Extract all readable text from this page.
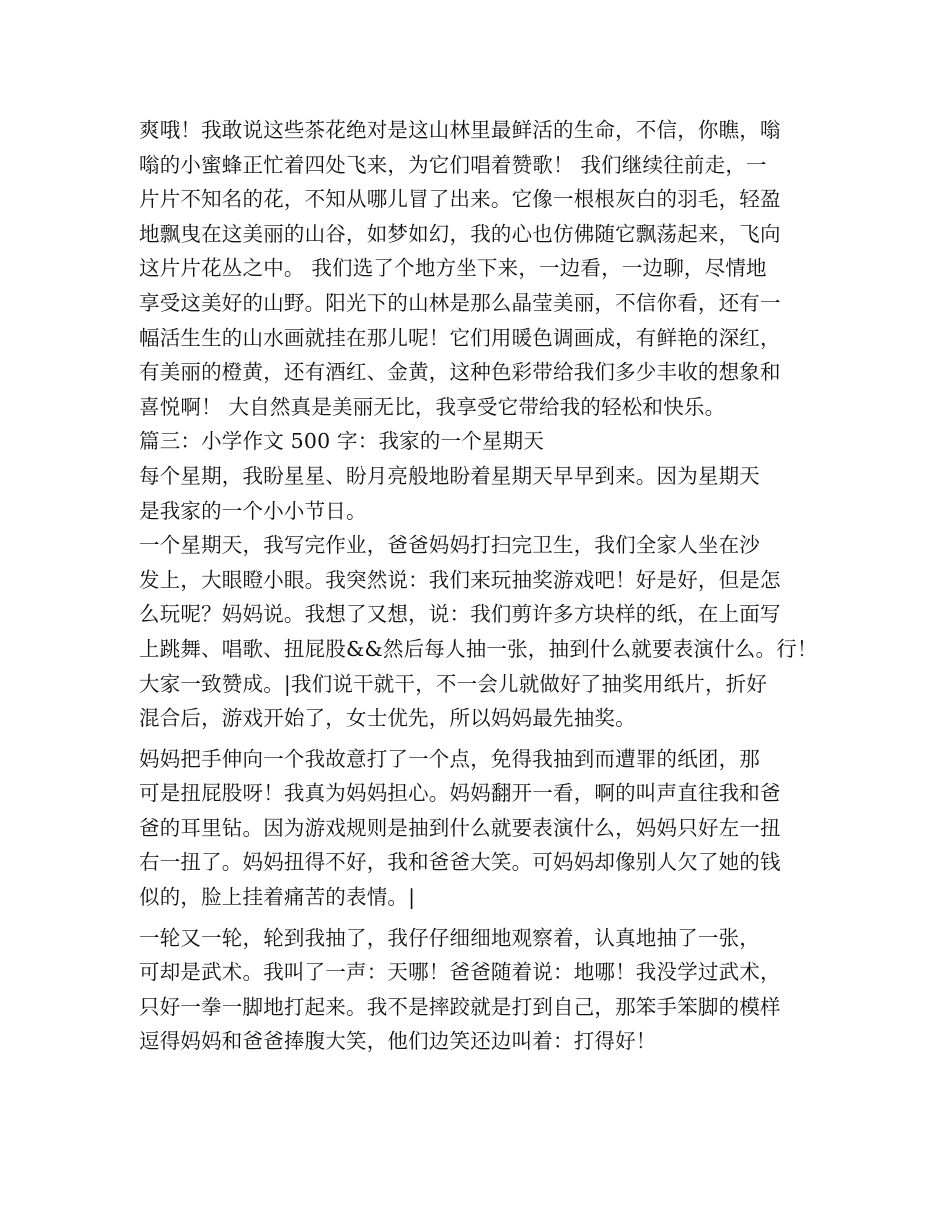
爽哦！我敢说这些茶花绝对是这山林里最鲜活的生命，不信，你瞧，嗡
嗡的小蜜蜂正忙着四处飞来，为它们唱着赞歌！ 我们继续往前走，一
片片不知名的花，不知从哪儿冒了出来。它像一根根灰白的羽毛，轻盈
地飘曳在这美丽的山谷，如梦如幻，我的心也仿佛随它飘荡起来，飞向
这片片花丛之中。 我们选了个地方坐下来，一边看，一边聊，尽情地
享受这美好的山野。阳光下的山林是那么晶莹美丽，不信你看，还有一
幅活生生的山水画就挂在那儿呢！它们用暖色调画成，有鲜艳的深红，
有美丽的橙黄，还有酒红、金黄，这种色彩带给我们多少丰收的想象和
喜悦啊！ 大自然真是美丽无比，我享受它带给我的轻松和快乐。
篇三：小学作文 500 字：我家的一个星期天
每个星期，我盼星星、盼月亮般地盼着星期天早早到来。因为星期天
是我家的一个小小节日。
一个星期天，我写完作业，爸爸妈妈打扫完卫生，我们全家人坐在沙
发上，大眼瞪小眼。我突然说：我们来玩抽奖游戏吧！好是好，但是怎
么玩呢？妈妈说。我想了又想，说：我们剪许多方块样的纸，在上面写
上跳舞、唱歌、扭屁股&&然后每人抽一张，抽到什么就要表演什么。行！
大家一致赞成。|我们说干就干，不一会儿就做好了抽奖用纸片，折好
混合后，游戏开始了，女士优先，所以妈妈最先抽奖。
妈妈把手伸向一个我故意打了一个点，免得我抽到而遭罪的纸团，那
可是扭屁股呀！我真为妈妈担心。妈妈翻开一看，啊的叫声直往我和爸
爸的耳里钻。因为游戏规则是抽到什么就要表演什么，妈妈只好左一扭
右一扭了。妈妈扭得不好，我和爸爸大笑。可妈妈却像别人欠了她的钱
似的，脸上挂着痛苦的表情。|
一轮又一轮，轮到我抽了，我仔仔细细地观察着，认真地抽了一张，
可却是武术。我叫了一声：天哪！爸爸随着说：地哪！我没学过武术，
只好一拳一脚地打起来。我不是摔跤就是打到自己，那笨手笨脚的模样
逗得妈妈和爸爸捧腹大笑，他们边笑还边叫着：打得好！
